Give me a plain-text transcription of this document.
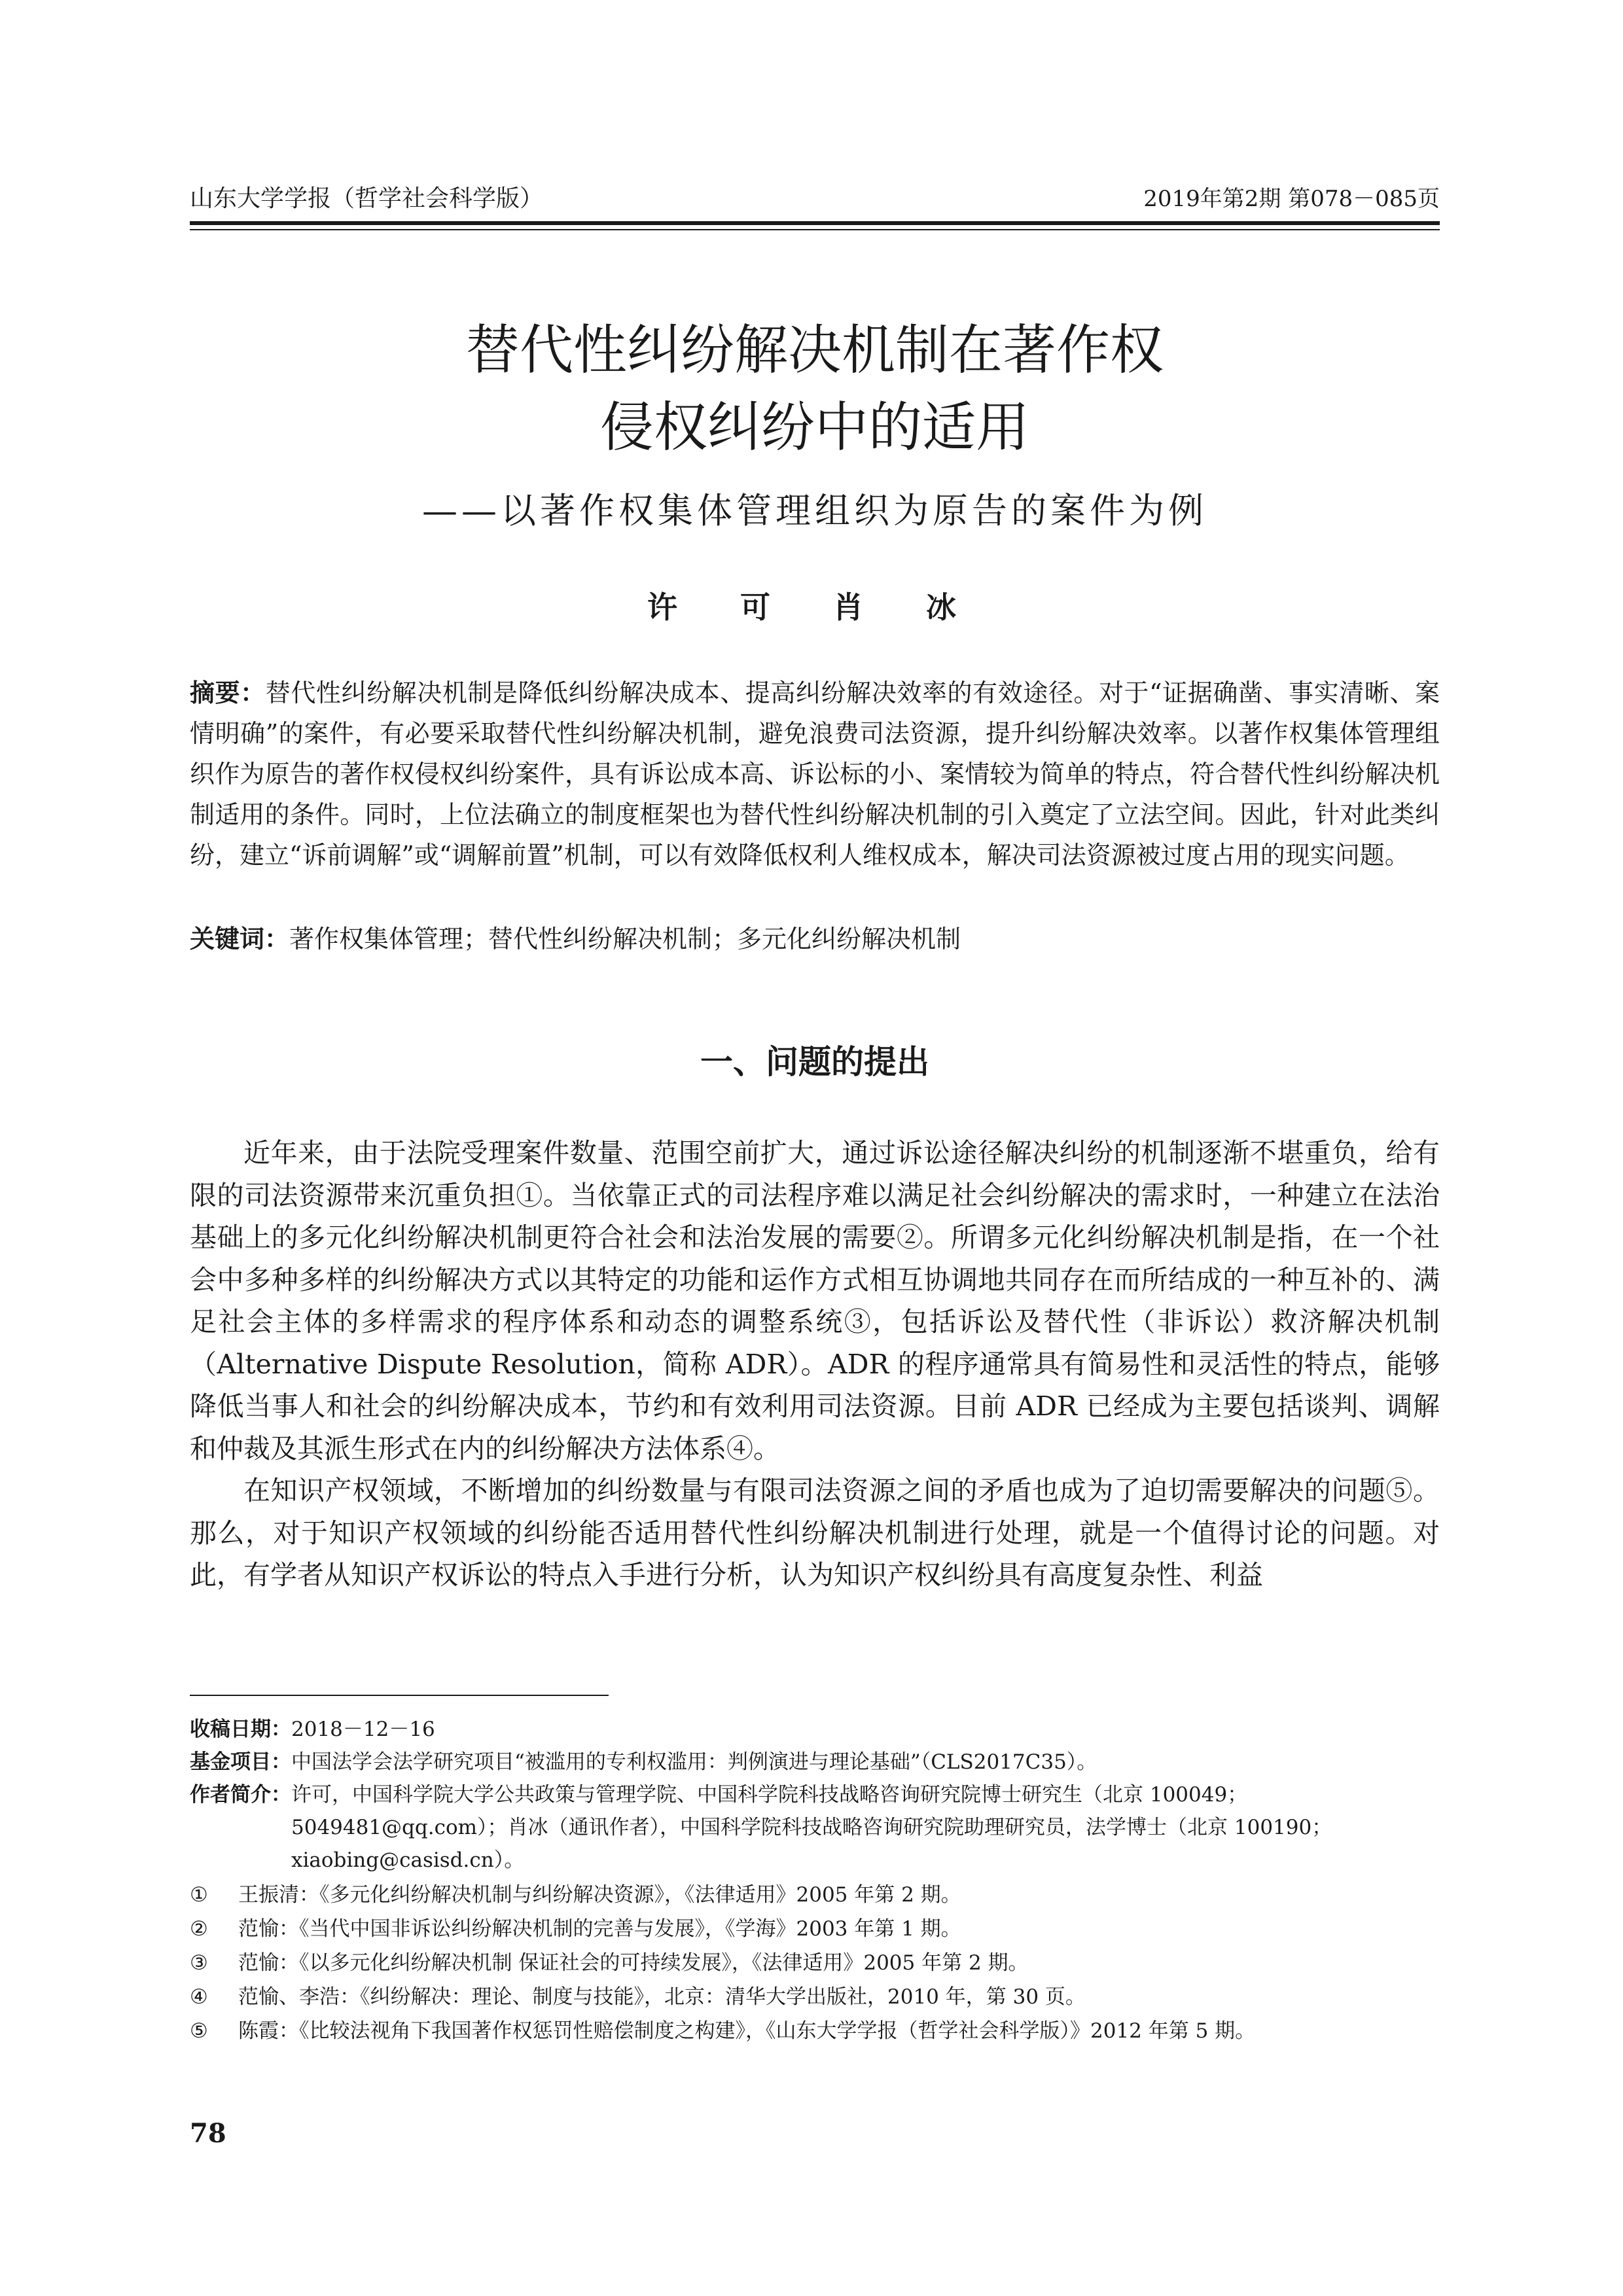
山东大学学报（哲学社会科学版）	2019年第2期 第078－085页
替代性纠纷解决机制在著作权
侵权纠纷中的适用
——以著作权集体管理组织为原告的案件为例
许 可 肖 冰
摘要：替代性纠纷解决机制是降低纠纷解决成本、提高纠纷解决效率的有效途径。对于“证据确凿、事实清晰、案情明确”的案件，有必要采取替代性纠纷解决机制，避免浪费司法资源，提升纠纷解决效率。以著作权集体管理组织作为原告的著作权侵权纠纷案件，具有诉讼成本高、诉讼标的小、案情较为简单的特点，符合替代性纠纷解决机制适用的条件。同时，上位法确立的制度框架也为替代性纠纷解决机制的引入奠定了立法空间。因此，针对此类纠纷，建立“诉前调解”或“调解前置”机制，可以有效降低权利人维权成本，解决司法资源被过度占用的现实问题。
关键词：著作权集体管理；替代性纠纷解决机制；多元化纠纷解决机制
一、问题的提出

近年来，由于法院受理案件数量、范围空前扩大，通过诉讼途径解决纠纷的机制逐渐不堪重负，给有限的司法资源带来沉重负担①。当依靠正式的司法程序难以满足社会纠纷解决的需求时，一种建立在法治基础上的多元化纠纷解决机制更符合社会和法治发展的需要②。所谓多元化纠纷解决机制是指，在一个社会中多种多样的纠纷解决方式以其特定的功能和运作方式相互协调地共同存在而所结成的一种互补的、满足社会主体的多样需求的程序体系和动态的调整系统③，包括诉讼及替代性（非诉讼）救济解决机制（Alternative Dispute Resolution，简称 ADR）。ADR 的程序通常具有简易性和灵活性的特点，能够降低当事人和社会的纠纷解决成本，节约和有效利用司法资源。目前 ADR 已经成为主要包括谈判、调解和仲裁及其派生形式在内的纠纷解决方法体系④。

在知识产权领域，不断增加的纠纷数量与有限司法资源之间的矛盾也成为了迫切需要解决的问题⑤。那么，对于知识产权领域的纠纷能否适用替代性纠纷解决机制进行处理，就是一个值得讨论的问题。对此，有学者从知识产权诉讼的特点入手进行分析，认为知识产权纠纷具有高度复杂性、利益

收稿日期： 2018－12－16
基金项目： 中国法学会法学研究项目“被滥用的专利权滥用：判例演进与理论基础”（CLS2017C35）。
作者简介： 许可，中国科学院大学公共政策与管理学院、中国科学院科技战略咨询研究院博士研究生（北京 100049；5049481@qq.com）；肖冰（通讯作者），中国科学院科技战略咨询研究院助理研究员，法学博士（北京 100190；xiaobing@casisd.cn）。
①	王振清：《多元化纠纷解决机制与纠纷解决资源》，《法律适用》2005 年第 2 期。
②	范愉：《当代中国非诉讼纠纷解决机制的完善与发展》，《学海》2003 年第 1 期。
③	范愉：《以多元化纠纷解决机制 保证社会的可持续发展》，《法律适用》2005 年第 2 期。
④	范愉、李浩：《纠纷解决：理论、制度与技能》，北京：清华大学出版社，2010 年，第 30 页。
⑤	陈霞：《比较法视角下我国著作权惩罚性赔偿制度之构建》，《山东大学学报（哲学社会科学版）》2012 年第 5 期。
78
